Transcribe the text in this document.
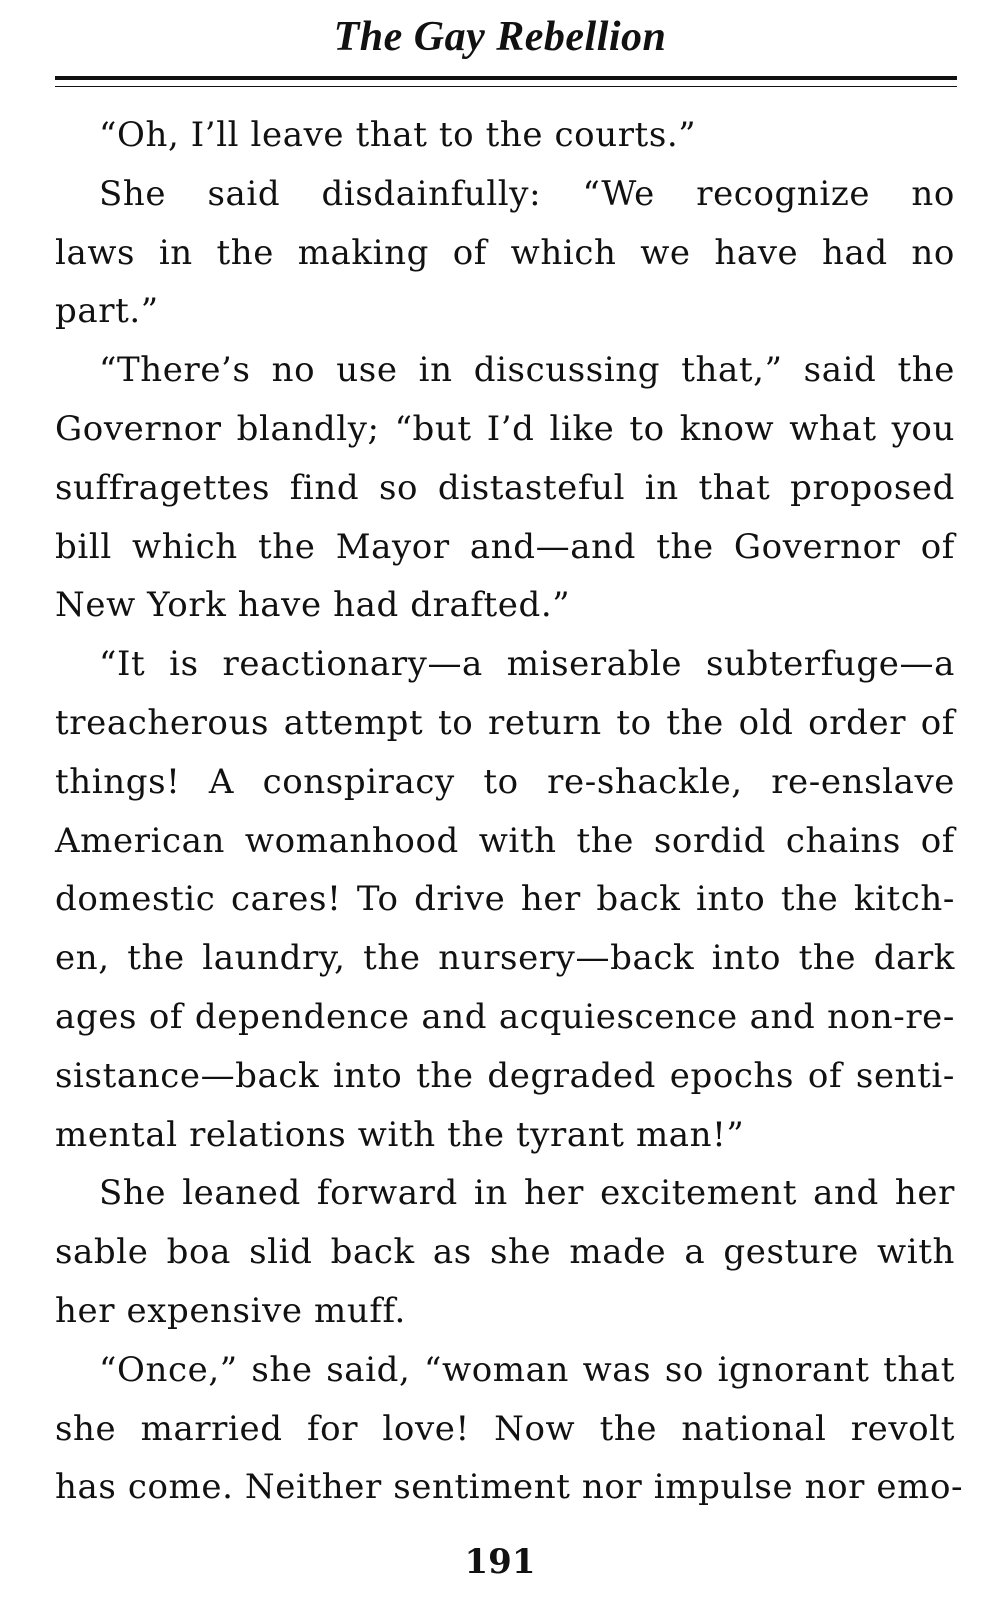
The Gay Rebellion
“Oh, I’ll leave that to the courts.”
She said disdainfully: “We recognize no
laws in the making of which we have had no
part.”
“There’s no use in discussing that,” said the
Governor blandly; “but I’d like to know what you
suffragettes find so distasteful in that proposed
bill which the Mayor and—and the Governor of
New York have had drafted.”
“It is reactionary—a miserable subterfuge—a
treacherous attempt to return to the old order of
things! A conspiracy to re-shackle, re-enslave
American womanhood with the sordid chains of
domestic cares! To drive her back into the kitch-
en, the laundry, the nursery—back into the dark
ages of dependence and acquiescence and non-re-
sistance—back into the degraded epochs of senti-
mental relations with the tyrant man!”
She leaned forward in her excitement and her
sable boa slid back as she made a gesture with
her expensive muff.
“Once,” she said, “woman was so ignorant that
she married for love! Now the national revolt
has come. Neither sentiment nor impulse nor emo-
191
